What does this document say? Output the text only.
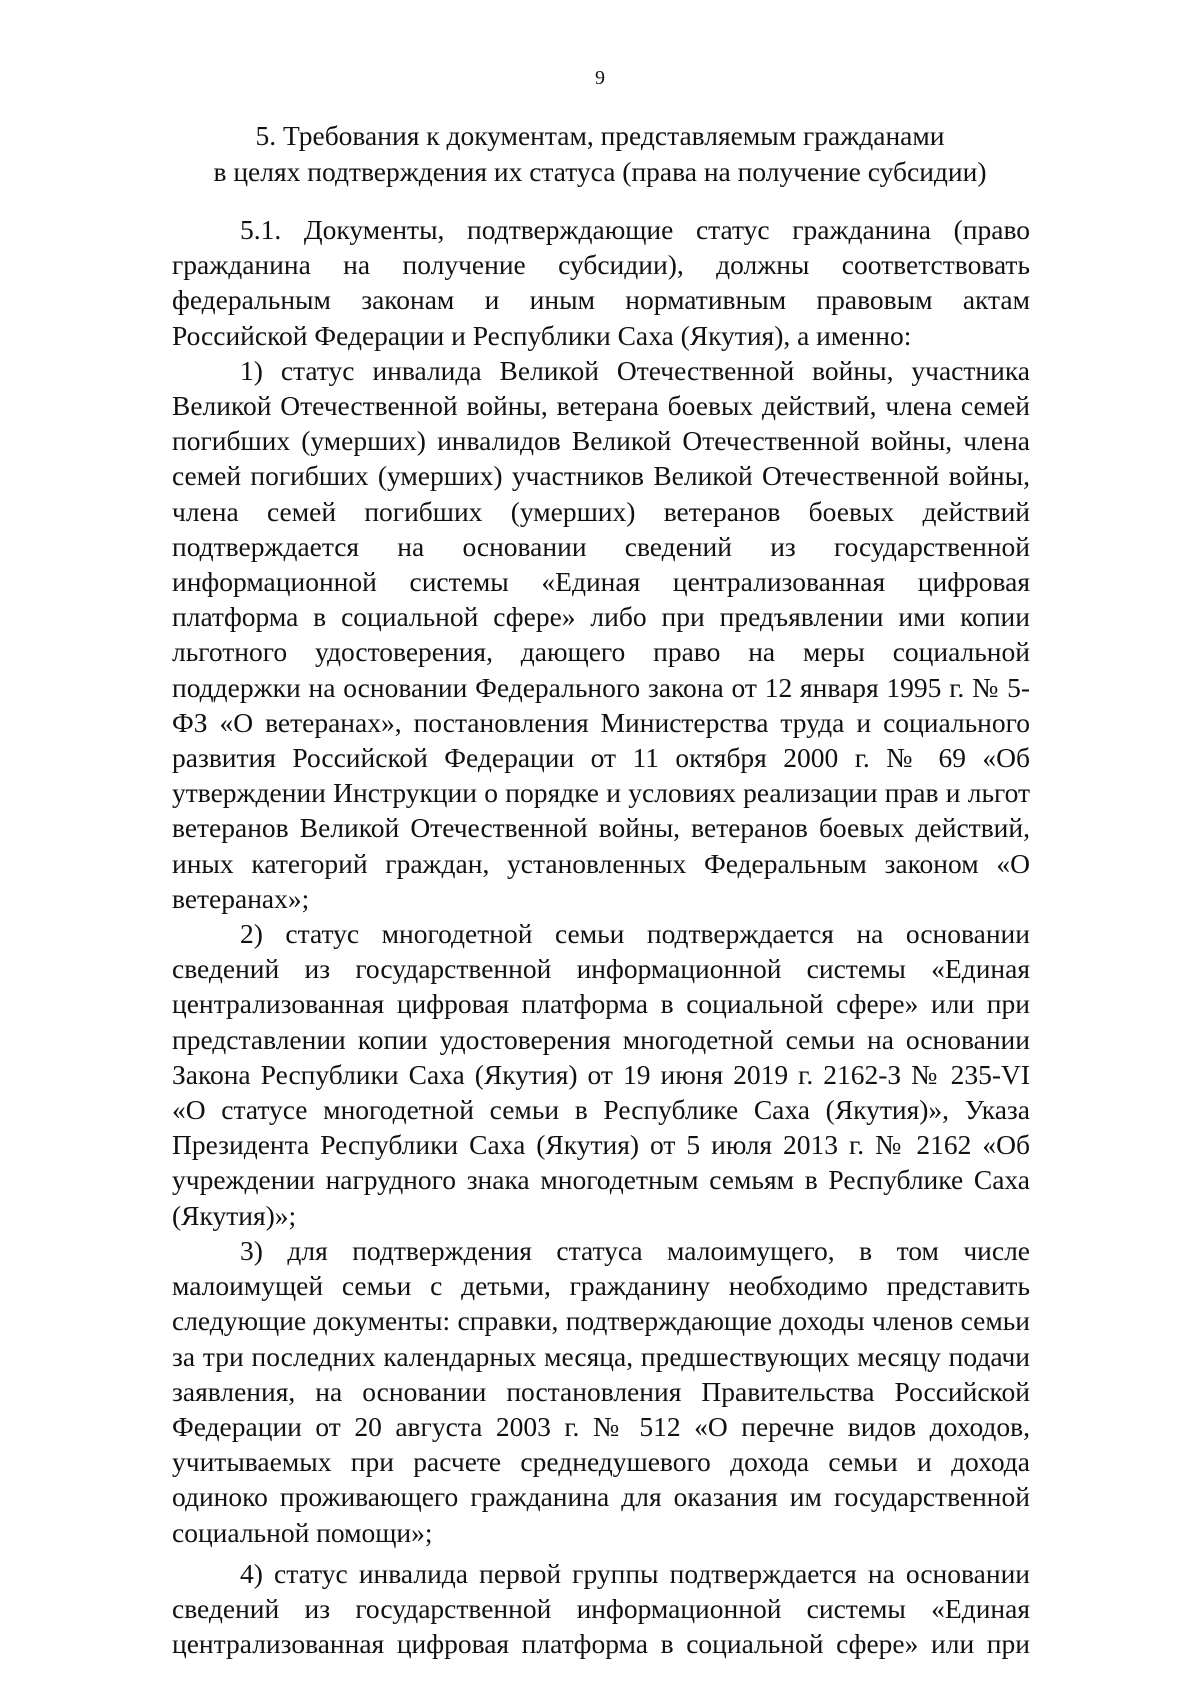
9
5. Требования к документам, представляемым гражданами
в целях подтверждения их статуса (права на получение субсидии)

5.1. Документы, подтверждающие статус гражданина (право гражданина на получение субсидии), должны соответствовать федеральным законам и иным нормативным правовым актам Российской Федерации и Республики Саха (Якутия), а именно:

1) статус инвалида Великой Отечественной войны, участника Великой Отечественной войны, ветерана боевых действий, члена семей погибших (умерших) инвалидов Великой Отечественной войны, члена семей погибших (умерших) участников Великой Отечественной войны, члена семей погибших (умерших) ветеранов боевых действий подтверждается на основании сведений из государственной информационной системы «Единая централизованная цифровая платформа в социальной сфере» либо при предъявлении ими копии льготного удостоверения, дающего право на меры социальной поддержки на основании Федерального закона от 12 января 1995 г. № 5-ФЗ «О ветеранах», постановления Министерства труда и социального развития Российской Федерации от 11 октября 2000 г. № 69 «Об утверждении Инструкции о порядке и условиях реализации прав и льгот ветеранов Великой Отечественной войны, ветеранов боевых действий, иных категорий граждан, установленных Федеральным законом «О ветеранах»;

2) статус многодетной семьи подтверждается на основании сведений из государственной информационной системы «Единая централизованная цифровая платформа в социальной сфере» или при представлении копии удостоверения многодетной семьи на основании Закона Республики Саха (Якутия) от 19 июня 2019 г. 2162-З № 235-VI «О статусе многодетной семьи в Республике Саха (Якутия)», Указа Президента Республики Саха (Якутия) от 5 июля 2013 г. № 2162 «Об учреждении нагрудного знака многодетным семьям в Республике Саха (Якутия)»;

3) для подтверждения статуса малоимущего, в том числе малоимущей семьи с детьми, гражданину необходимо представить следующие документы: справки, подтверждающие доходы членов семьи за три последних календарных месяца, предшествующих месяцу подачи заявления, на основании постановления Правительства Российской Федерации от 20 августа 2003 г. № 512 «О перечне видов доходов, учитываемых при расчете среднедушевого дохода семьи и дохода одиноко проживающего гражданина для оказания им государственной социальной помощи»;

4) статус инвалида первой группы подтверждается на основании сведений из государственной информационной системы «Единая централизованная цифровая платформа в социальной сфере» или при
